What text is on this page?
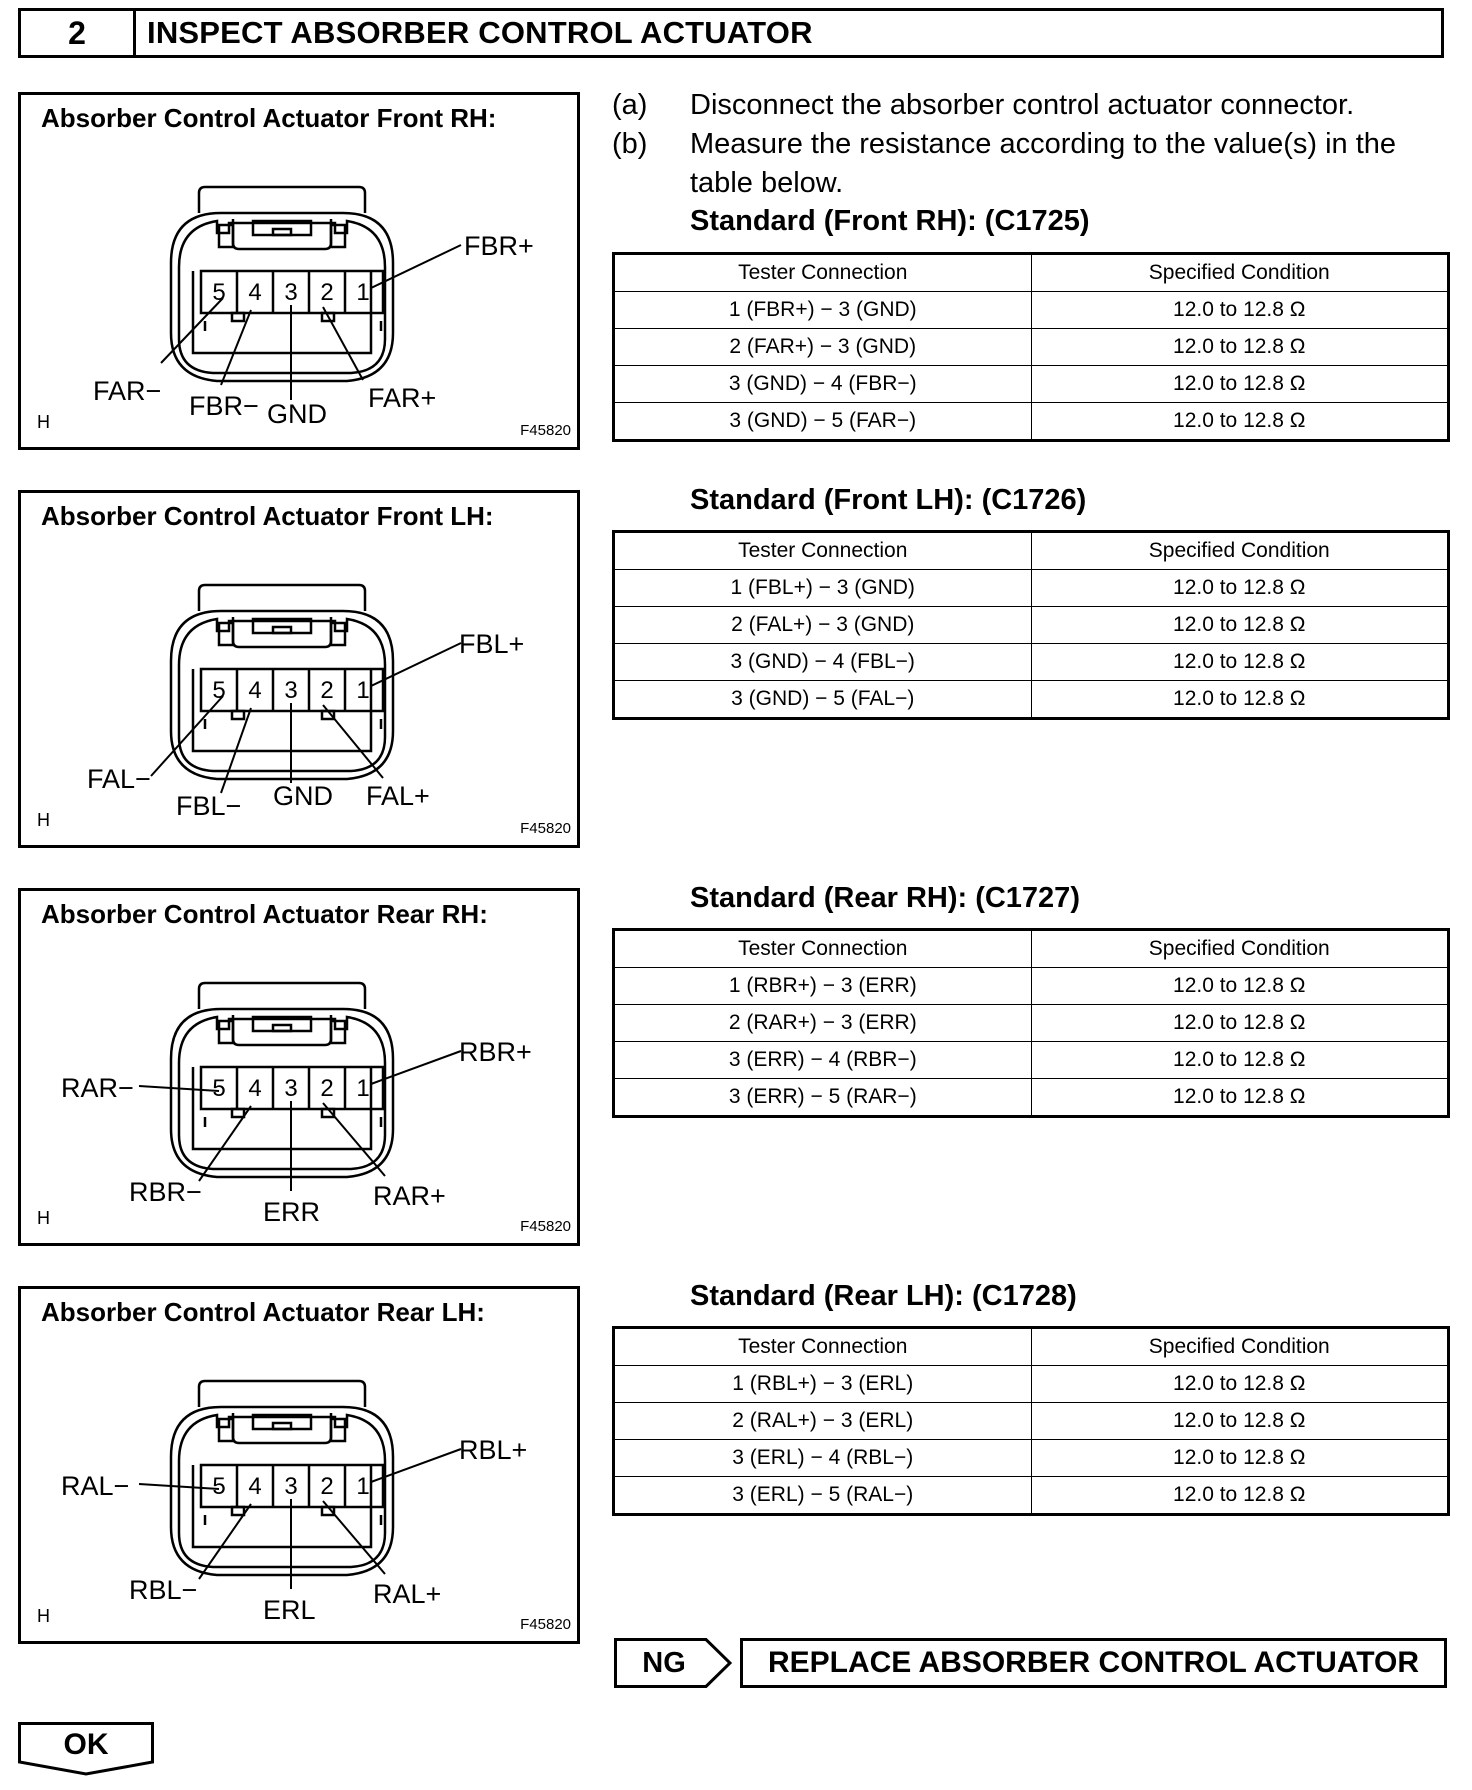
2	INSPECT ABSORBER CONTROL ACTUATOR
Absorber Control Actuator Front RH:
5 4 3 2 1
FBR+
FAR− FBR− GND
FAR+
H	F45820
Absorber Control Actuator Front LH:
5 4 3 2 1
FBL+
FAL−
FBL− GND FAL+
H	F45820
Absorber Control Actuator Rear RH:
5 4 3 2 1
RBR+
RAR−
RBR−
ERR
RAR+
H	F45820
Absorber Control Actuator Rear LH:
5 4 3 2 1
RBL+
RAL−
RBL−
ERL
RAL+
H	F45820
(a) Disconnect the absorber control actuator connector.
(b) Measure the resistance according to the value(s) in the
table below.
Standard (Front RH): (C1725)
Tester Connection	Specified Condition
1 (FBR+) − 3 (GND)	12.0 to 12.8 Ω
2 (FAR+) − 3 (GND)	12.0 to 12.8 Ω
3 (GND) − 4 (FBR−)	12.0 to 12.8 Ω
3 (GND) − 5 (FAR−)	12.0 to 12.8 Ω
Standard (Front LH): (C1726)
Tester Connection	Specified Condition
1 (FBL+) − 3 (GND)	12.0 to 12.8 Ω
2 (FAL+) − 3 (GND)	12.0 to 12.8 Ω
3 (GND) − 4 (FBL−)	12.0 to 12.8 Ω
3 (GND) − 5 (FAL−)	12.0 to 12.8 Ω
Standard (Rear RH): (C1727)
Tester Connection	Specified Condition
1 (RBR+) − 3 (ERR)	12.0 to 12.8 Ω
2 (RAR+) − 3 (ERR)	12.0 to 12.8 Ω
3 (ERR) − 4 (RBR−)	12.0 to 12.8 Ω
3 (ERR) − 5 (RAR−)	12.0 to 12.8 Ω
Standard (Rear LH): (C1728)
Tester Connection	Specified Condition
1 (RBL+) − 3 (ERL)	12.0 to 12.8 Ω
2 (RAL+) − 3 (ERL)	12.0 to 12.8 Ω
3 (ERL) − 4 (RBL−)	12.0 to 12.8 Ω
3 (ERL) − 5 (RAL−)	12.0 to 12.8 Ω
NG	REPLACE ABSORBER CONTROL ACTUATOR
OK
